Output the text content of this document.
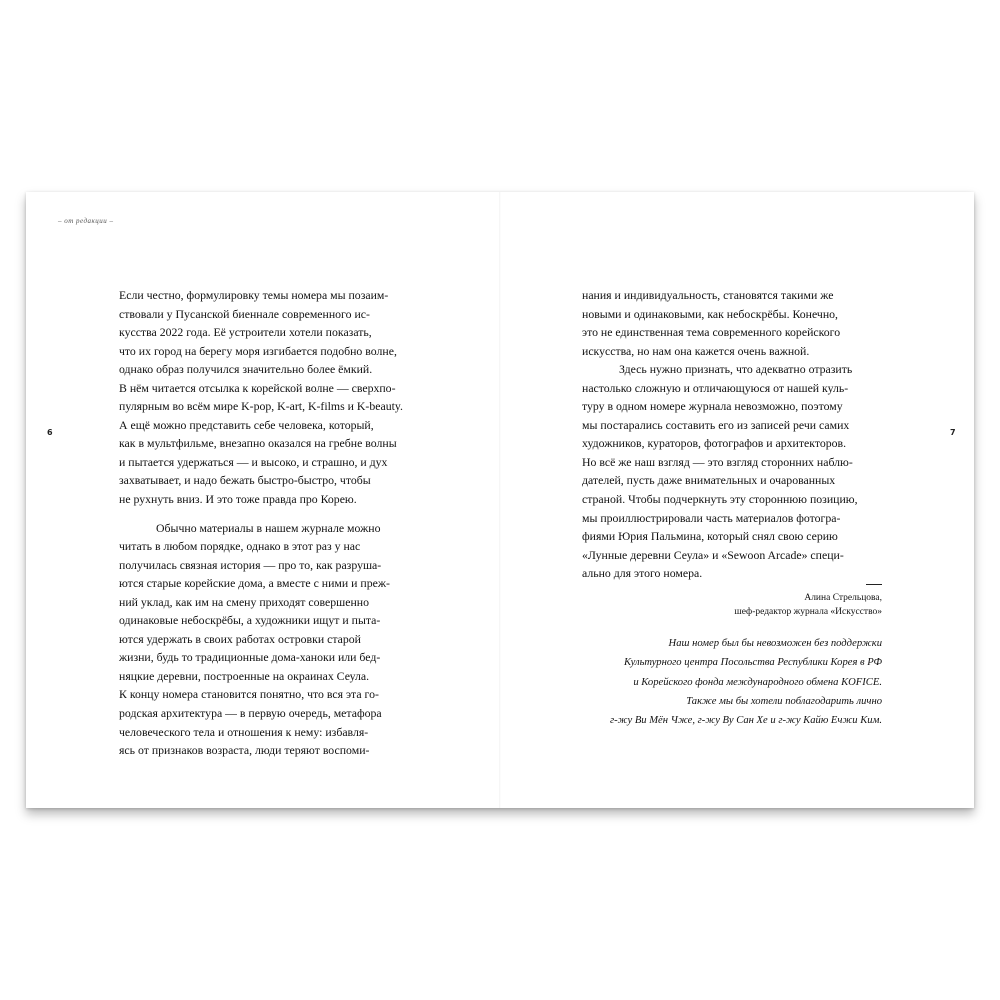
– от редакции –
6	7
Если честно, формулировку темы номера мы позаим-
ствовали у Пусанской биеннале современного ис-
кусства 2022 года. Её устроители хотели показать,
что их город на берегу моря изгибается подобно волне,
однако образ получился значительно более ёмкий.
В нём читается отсылка к корейской волне — сверхпо-
пулярным во всём мире K-pop, K-art, K-films и K-beauty.
А ещё можно представить себе человека, который,
как в мультфильме, внезапно оказался на гребне волны
и пытается удержаться — и высоко, и страшно, и дух
захватывает, и надо бежать быстро-быстро, чтобы
не рухнуть вниз. И это тоже правда про Корею.
Обычно материалы в нашем журнале можно
читать в любом порядке, однако в этот раз у нас
получилась связная история — про то, как разруша-
ются старые корейские дома, а вместе с ними и преж-
ний уклад, как им на смену приходят совершенно
одинаковые небоскрёбы, а художники ищут и пыта-
ются удержать в своих работах островки старой
жизни, будь то традиционные дома-ханоки или бед-
няцкие деревни, построенные на окраинах Сеула.
К концу номера становится понятно, что вся эта го-
родская архитектура — в первую очередь, метафора
человеческого тела и отношения к нему: избавля-
ясь от признаков возраста, люди теряют воспоми-
нания и индивидуальность, становятся такими же
новыми и одинаковыми, как небоскрёбы. Конечно,
это не единственная тема современного корейского
искусства, но нам она кажется очень важной.
Здесь нужно признать, что адекватно отразить
настолько сложную и отличающуюся от нашей куль-
туру в одном номере журнала невозможно, поэтому
мы постарались составить его из записей речи самих
художников, кураторов, фотографов и архитекторов.
Но всё же наш взгляд — это взгляд сторонних наблю-
дателей, пусть даже внимательных и очарованных
страной. Чтобы подчеркнуть эту стороннюю позицию,
мы проиллюстрировали часть материалов фотогра-
фиями Юрия Пальмина, который снял свою серию
«Лунные деревни Сеула» и «Sewoon Arcade» специ-
ально для этого номера.
Алина Стрельцова,
шеф-редактор журнала «Искусство»
Наш номер был бы невозможен без поддержки
Культурного центра Посольства Республики Корея в РФ
и Корейского фонда международного обмена KOFICE.
Также мы бы хотели поблагодарить лично
г-жу Ви Мён Чже, г-жу Ву Сан Хе и г-жу Кайю Ечжи Ким.
